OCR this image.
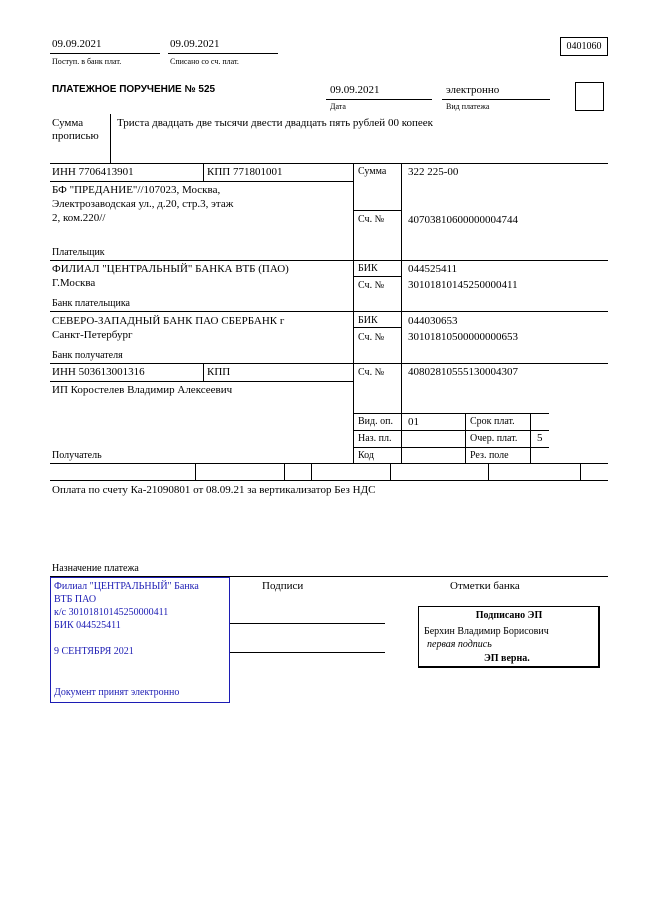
09.09.2021
Поступ. в банк плат.
09.09.2021
Списано со сч. плат.
0401060
ПЛАТЕЖНОЕ ПОРУЧЕНИЕ № 525	09.09.2021
Дата
электронно
Вид платежа
Сумма
прописью
Триста двадцать две тысячи двести двадцать пять рублей 00 копеек
ИНН 7706413901	КПП 771801001
БФ "ПРЕДАНИЕ"//107023, Москва,
Электрозаводская ул., д.20, стр.3, этаж
2, ком.220//
Плательщик
Сумма 322 225-00
Сч. № 40703810600000004744
ФИЛИАЛ "ЦЕНТРАЛЬНЫЙ" БАНКА ВТБ (ПАО)
Г.Москва
Банк плательщика
БИК	044525411
Сч. № 30101810145250000411
СЕВЕРО-ЗАПАДНЫЙ БАНК ПАО СБЕРБАНК г
Санкт-Петербург
Банк получателя
БИК	044030653
Сч. № 30101810500000000653
ИНН 503613001316	КПП	Сч. № 40802810555130004307
ИП Коростелев Владимир Алексеевич
Получатель
Вид. оп. 01	Срок плат.
Наз. пл.	Очер. плат. 5
Код	Рез. поле
Оплата по счету Ка-21090801 от 08.09.21 за вертикализатор Без НДС
Назначение платежа
Подписи	Отметки банка
Филиал "ЦЕНТРАЛЬНЫЙ" Банка
ВТБ ПАО
к/с 30101810145250000411
БИК 044525411
9 СЕНТЯБРЯ 2021
Документ принят электронно
Подписано ЭП
Берхин Владимир Борисович
первая подпись
ЭП верна.
